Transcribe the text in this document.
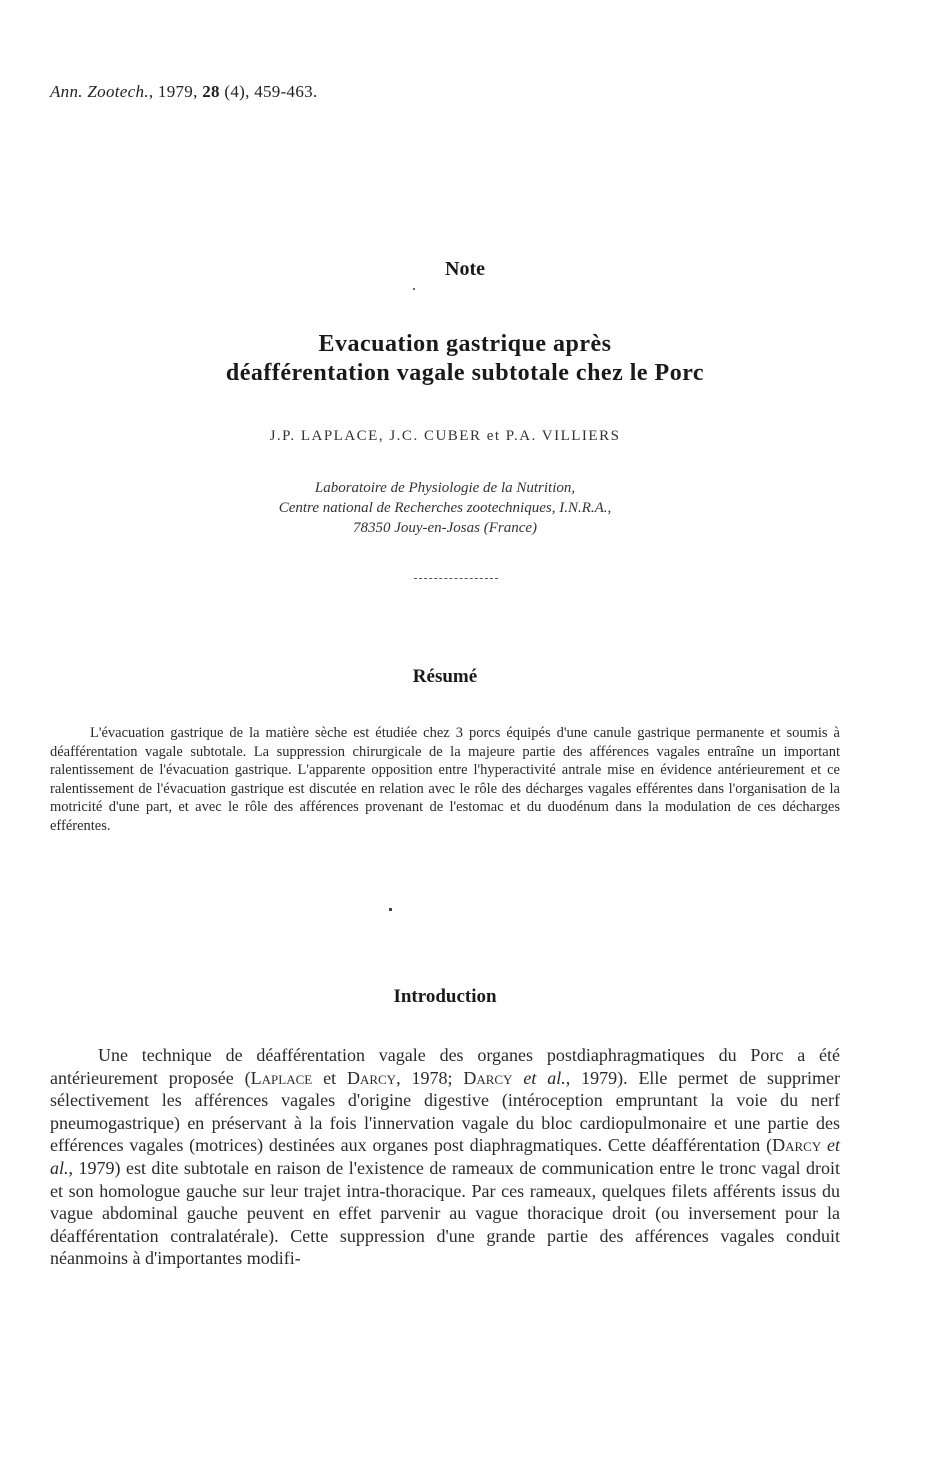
Ann. Zootech., 1979, 28 (4), 459-463.
Note
Evacuation gastrique après
déafférentation vagale subtotale chez le Porc
J.P. LAPLACE, J.C. CUBER et P.A. VILLIERS
Laboratoire de Physiologie de la Nutrition,
Centre national de Recherches zootechniques, I.N.R.A.,
78350 Jouy-en-Josas (France)
Résumé

L'évacuation gastrique de la matière sèche est étudiée chez 3 porcs équipés d'une canule gastrique permanente et soumis à déafférentation vagale subtotale. La suppression chirurgicale de la majeure partie des afférences vagales entraîne un important ralentissement de l'évacuation gastrique. L'apparente opposition entre l'hyperactivité antrale mise en évidence antérieurement et ce ralentissement de l'évacuation gastrique est discutée en relation avec le rôle des décharges vagales efférentes dans l'organisation de la motricité d'une part, et avec le rôle des afférences provenant de l'estomac et du duodénum dans la modulation de ces décharges efférentes.

Introduction

Une technique de déafférentation vagale des organes postdiaphragmatiques du Porc a été antérieurement proposée (Laplace et Darcy, 1978; Darcy et al., 1979). Elle permet de supprimer sélectivement les afférences vagales d'origine digestive (intéroception empruntant la voie du nerf pneumogastrique) en préservant à la fois l'innervation vagale du bloc cardiopulmonaire et une partie des efférences vagales (motrices) destinées aux organes post diaphragmatiques. Cette déafférentation (Darcy et al., 1979) est dite subtotale en raison de l'existence de rameaux de communication entre le tronc vagal droit et son homologue gauche sur leur trajet intra-thoracique. Par ces rameaux, quelques filets afférents issus du vague abdominal gauche peuvent en effet parvenir au vague thoracique droit (ou inversement pour la déafférentation contralatérale). Cette suppression d'une grande partie des afférences vagales conduit néanmoins à d'importantes modifi-
